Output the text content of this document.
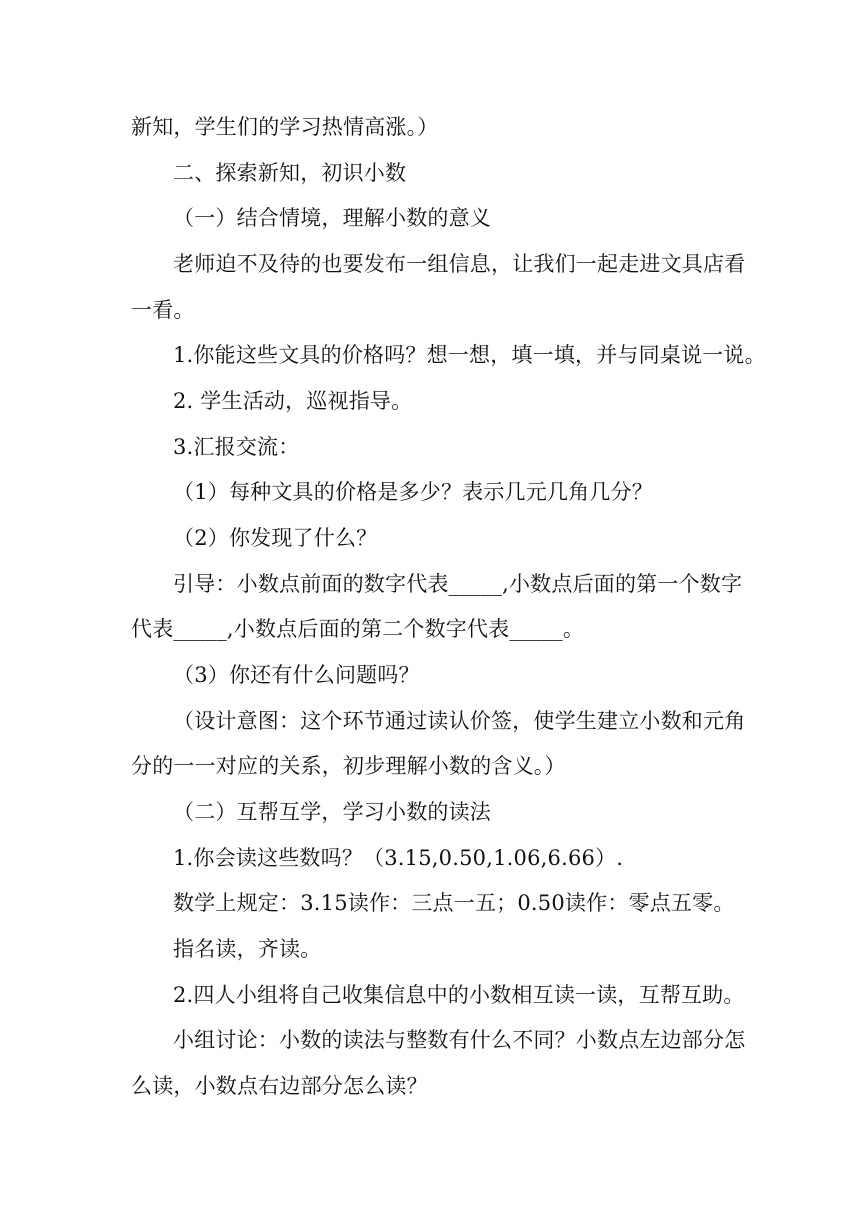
新知，学生们的学习热情高涨。）
二、探索新知，初识小数
（一）结合情境，理解小数的意义
老师迫不及待的也要发布一组信息，让我们一起走进文具店看
一看。
1.你能这些文具的价格吗？想一想，填一填，并与同桌说一说。
2. 学生活动，巡视指导。
3.汇报交流：
（1）每种文具的价格是多少？表示几元几角几分？
（2）你发现了什么？
引导：小数点前面的数字代表_____,小数点后面的第一个数字
代表_____,小数点后面的第二个数字代表_____。
（3）你还有什么问题吗？
（设计意图：这个环节通过读认价签，使学生建立小数和元角
分的一一对应的关系，初步理解小数的含义。）
（二）互帮互学，学习小数的读法
1.你会读这些数吗？（3.15,0.50,1.06,6.66）.
数学上规定：3.15读作：三点一五；0.50读作：零点五零。
指名读，齐读。
2.四人小组将自己收集信息中的小数相互读一读，互帮互助。
小组讨论：小数的读法与整数有什么不同？小数点左边部分怎
么读，小数点右边部分怎么读？
